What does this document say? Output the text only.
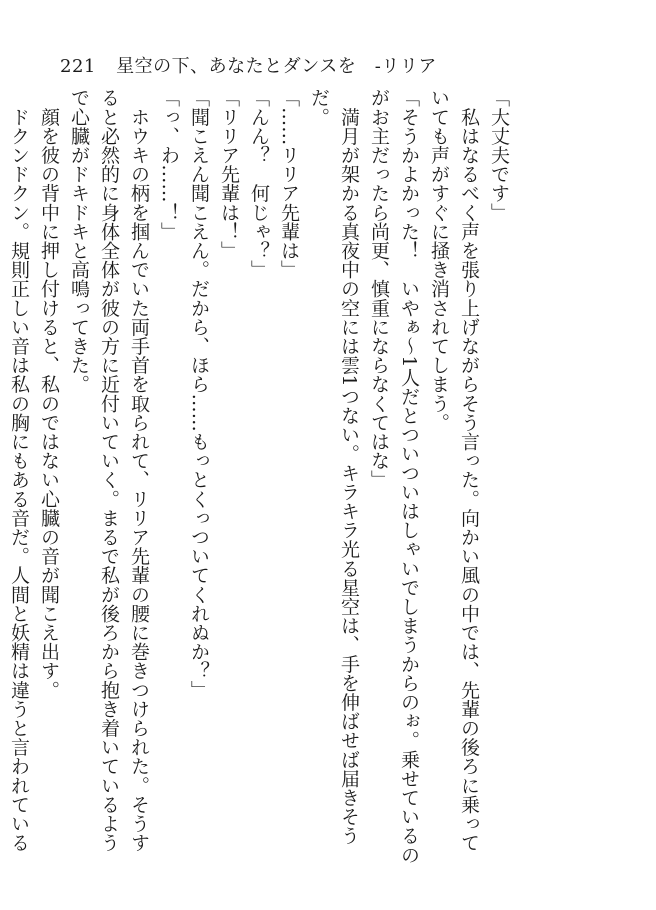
221 星空の下、あなたとダンスを　-リリア

「大丈夫です」

　私はなるべく声を張り上げながらそう言った。向かい風の中では、先輩の後ろに乗っていても声がすぐに掻き消されてしまう。

「そうかよかった！　いやぁ～1人だとついついはしゃいでしまうからのぉ。乗せているのがお主だったら尚更、慎重にならなくてはな」

　満月が架かる真夜中の空には雲1つない。キラキラ光る星空は、手を伸ばせば届きそうだ。

「……リリア先輩は」

「んん？　何じゃ？」

「リリア先輩は！」

「聞こえん聞こえん。だから、ほら……もっとくっついてくれぬか？」

「っ、わ……！」

　ホウキの柄を掴んでいた両手首を取られて、リリア先輩の腰に巻きつけられた。そうすると必然的に身体全体が彼の方に近付いていく。まるで私が後ろから抱き着いているようで心臓がドキドキと高鳴ってきた。

　顔を彼の背中に押し付けると、私のではない心臓の音が聞こえ出す。

　ドクンドクン。規則正しい音は私の胸にもある音だ。人間と妖精は違うと言われている
